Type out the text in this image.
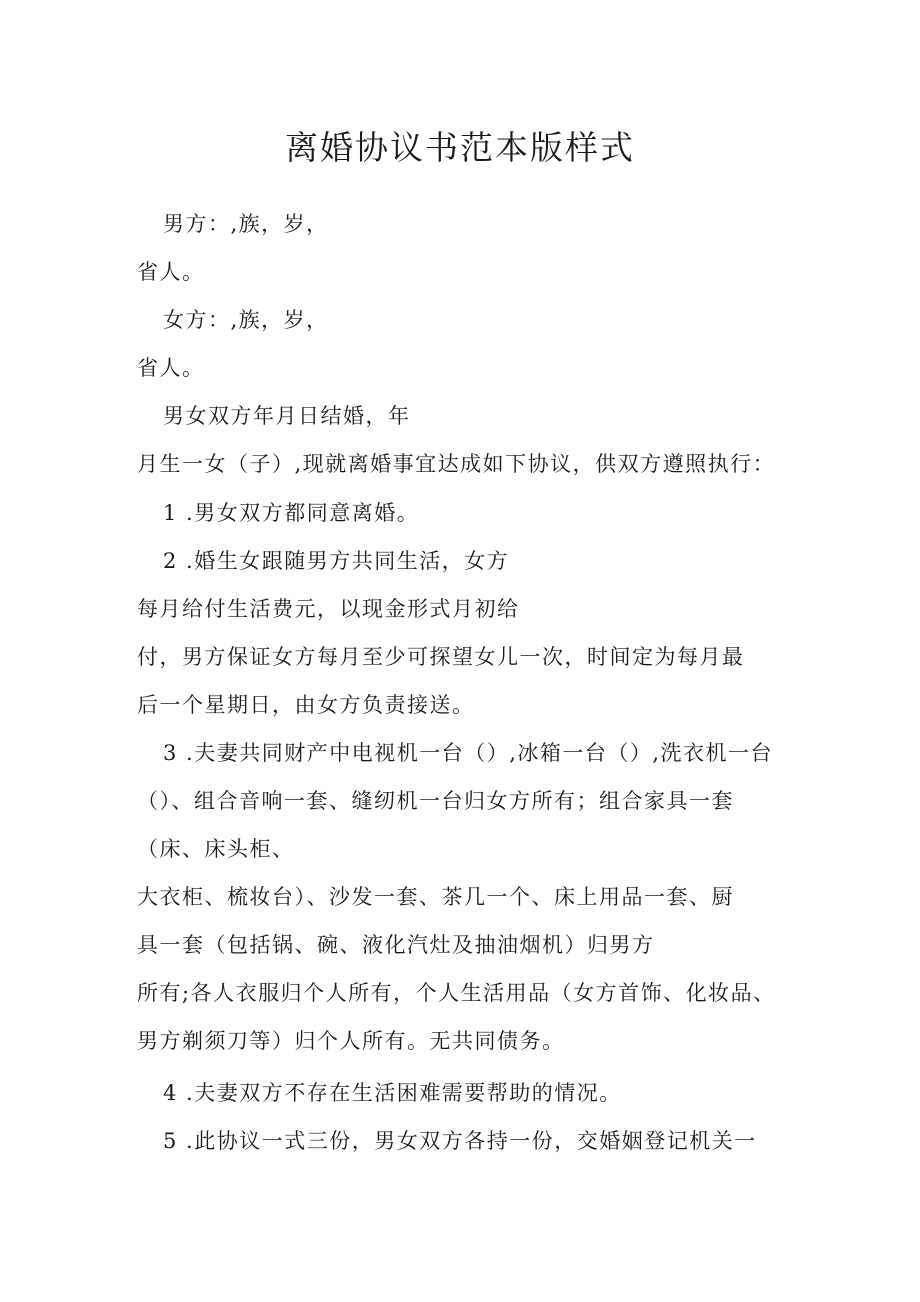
离婚协议书范本版样式

男方：,族，岁，

省人。

女方：,族，岁，

省人。

男女双方年月日结婚，年

月生一女（子）,现就离婚事宜达成如下协议，供双方遵照执行：

1 .男女双方都同意离婚。

2 .婚生女跟随男方共同生活，女方

每月给付生活费元，以现金形式月初给

付，男方保证女方每月至少可探望女儿一次，时间定为每月最

后一个星期日，由女方负责接送。

3 .夫妻共同财产中电视机一台（）,冰箱一台（）,洗衣机一台

（）、组合音响一套、缝纫机一台归女方所有；组合家具一套

（床、床头柜、

大衣柜、梳妆台）、沙发一套、茶几一个、床上用品一套、厨

具一套（包括锅、碗、液化汽灶及抽油烟机）归男方

所有;各人衣服归个人所有，个人生活用品（女方首饰、化妆品、

男方剃须刀等）归个人所有。无共同债务。

4 .夫妻双方不存在生活困难需要帮助的情况。

5 .此协议一式三份，男女双方各持一份，交婚姻登记机关一
